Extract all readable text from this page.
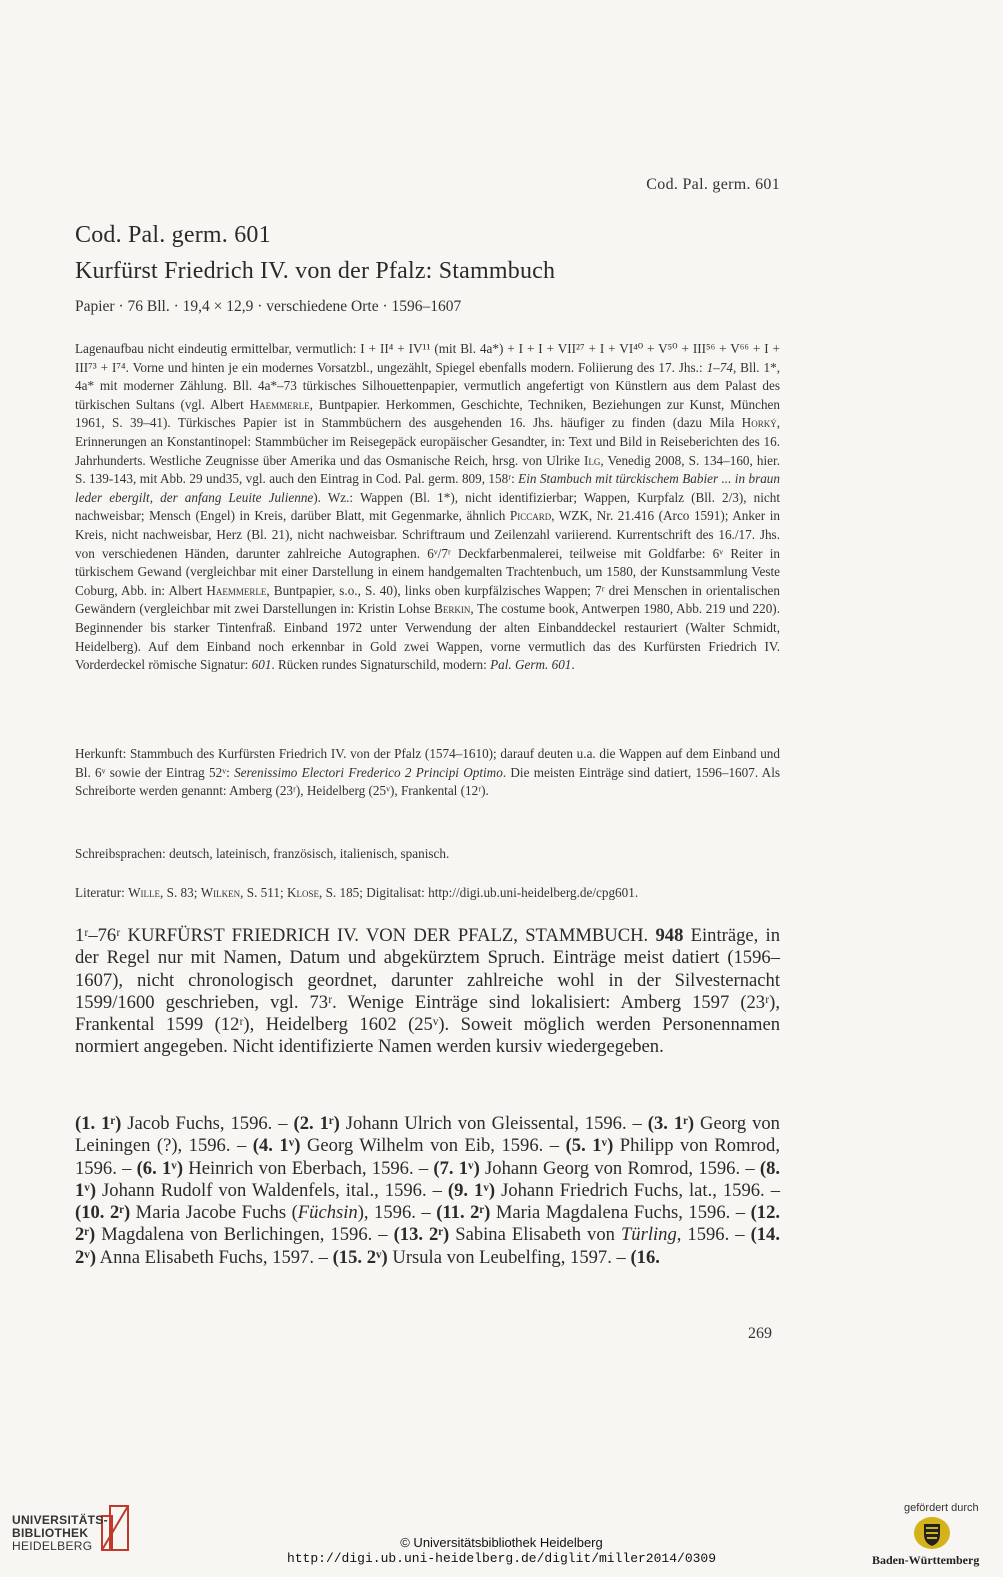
Cod. Pal. germ. 601
Cod. Pal. germ. 601
Kurfürst Friedrich IV. von der Pfalz: Stammbuch
Papier · 76 Bll. · 19,4 × 12,9 · verschiedene Orte · 1596–1607
Lagenaufbau nicht eindeutig ermittelbar, vermutlich: I + II⁴ + IV¹¹ (mit Bl. 4a*) + I + I + VII²⁷ + I + VI⁴⁰ + V⁵⁰ + III⁵⁶ + V⁶⁶ + I + III⁷³ + I⁷⁴. Vorne und hinten je ein modernes Vorsatzbl., ungezählt, Spiegel ebenfalls modern. Foliierung des 17. Jhs.: 1–74, Bll. 1*, 4a* mit moderner Zählung. Bll. 4a*–73 türkisches Silhouettenpapier, vermutlich angefertigt von Künstlern aus dem Palast des türkischen Sultans (vgl. Albert Haemmerle, Buntpapier. Herkommen, Geschichte, Techniken, Beziehungen zur Kunst, München 1961, S. 39–41). Türkisches Papier ist in Stammbüchern des ausgehenden 16. Jhs. häufiger zu finden (dazu Mila Horký, Erinnerungen an Konstantinopel: Stammbücher im Reisegepäck europäischer Gesandter, in: Text und Bild in Reiseberichten des 16. Jahrhunderts. Westliche Zeugnisse über Amerika und das Osmanische Reich, hrsg. von Ulrike Ilg, Venedig 2008, S. 134–160, hier. S. 139-143, mit Abb. 29 und35, vgl. auch den Eintrag in Cod. Pal. germ. 809, 158ʳ: Ein Stambuch mit türckischem Babier ... in braun leder ebergilt, der anfang Leuite Julienne). Wz.: Wappen (Bl. 1*), nicht identifizierbar; Wappen, Kurpfalz (Bll. 2/3), nicht nachweisbar; Mensch (Engel) in Kreis, darüber Blatt, mit Gegenmarke, ähnlich Piccard, WZK, Nr. 21.416 (Arco 1591); Anker in Kreis, nicht nachweisbar, Herz (Bl. 21), nicht nachweisbar. Schriftraum und Zeilenzahl variierend. Kurrentschrift des 16./17. Jhs. von verschiedenen Händen, darunter zahlreiche Autographen. 6ᵛ/7ʳ Deckfarbenmalerei, teilweise mit Goldfarbe: 6ᵛ Reiter in türkischem Gewand (vergleichbar mit einer Darstellung in einem handgemalten Trachtenbuch, um 1580, der Kunstsammlung Veste Coburg, Abb. in: Albert Haemmerle, Buntpapier, s.o., S. 40), links oben kurpfälzisches Wappen; 7ʳ drei Menschen in orientalischen Gewändern (vergleichbar mit zwei Darstellungen in: Kristin Lohse Berkin, The costume book, Antwerpen 1980, Abb. 219 und 220). Beginnender bis starker Tintenfraß. Einband 1972 unter Verwendung der alten Einbanddeckel restauriert (Walter Schmidt, Heidelberg). Auf dem Einband noch erkennbar in Gold zwei Wappen, vorne vermutlich das des Kurfürsten Friedrich IV. Vorderdeckel römische Signatur: 601. Rücken rundes Signaturschild, modern: Pal. Germ. 601.
Herkunft: Stammbuch des Kurfürsten Friedrich IV. von der Pfalz (1574–1610); darauf deuten u.a. die Wappen auf dem Einband und Bl. 6ᵛ sowie der Eintrag 52ᵛ: Serenissimo Electori Frederico 2 Principi Optimo. Die meisten Einträge sind datiert, 1596–1607. Als Schreiborte werden genannt: Amberg (23ʳ), Heidelberg (25ᵛ), Frankental (12ʳ).
Schreibsprachen: deutsch, lateinisch, französisch, italienisch, spanisch.
Literatur: Wille, S. 83; Wilken, S. 511; Klose, S. 185; Digitalisat: http://digi.ub.uni-heidelberg.de/cpg601.
1ʳ–76ʳ KURFÜRST FRIEDRICH IV. VON DER PFALZ, STAMMBUCH. 948 Einträge, in der Regel nur mit Namen, Datum und abgekürztem Spruch. Einträge meist datiert (1596–1607), nicht chronologisch geordnet, darunter zahlreiche wohl in der Silvesternacht 1599/1600 geschrieben, vgl. 73ʳ. Wenige Einträge sind lokalisiert: Amberg 1597 (23ʳ), Frankental 1599 (12ʳ), Heidelberg 1602 (25ᵛ). Soweit möglich werden Personennamen normiert angegeben. Nicht identifizierte Namen werden kursiv wiedergegeben.
(1. 1ʳ) Jacob Fuchs, 1596. – (2. 1ʳ) Johann Ulrich von Gleissental, 1596. – (3. 1ʳ) Georg von Leiningen (?), 1596. – (4. 1ᵛ) Georg Wilhelm von Eib, 1596. – (5. 1ᵛ) Philipp von Romrod, 1596. – (6. 1ᵛ) Heinrich von Eberbach, 1596. – (7. 1ᵛ) Johann Georg von Romrod, 1596. – (8. 1ᵛ) Johann Rudolf von Waldenfels, ital., 1596. – (9. 1ᵛ) Johann Friedrich Fuchs, lat., 1596. – (10. 2ʳ) Maria Jacobe Fuchs (Füchsin), 1596. – (11. 2ʳ) Maria Magdalena Fuchs, 1596. – (12. 2ʳ) Magdalena von Berlichingen, 1596. – (13. 2ʳ) Sabina Elisabeth von Türling, 1596. – (14. 2ᵛ) Anna Elisabeth Fuchs, 1597. – (15. 2ᵛ) Ursula von Leubelfing, 1597. – (16.
269
UNIVERSITÄTS-
BIBLIOTHEK
HEIDELBERG	© Universitätsbibliothek Heidelberg
http://digi.ub.uni-heidelberg.de/diglit/miller2014/0309
gefördert durch
Baden-Württemberg
